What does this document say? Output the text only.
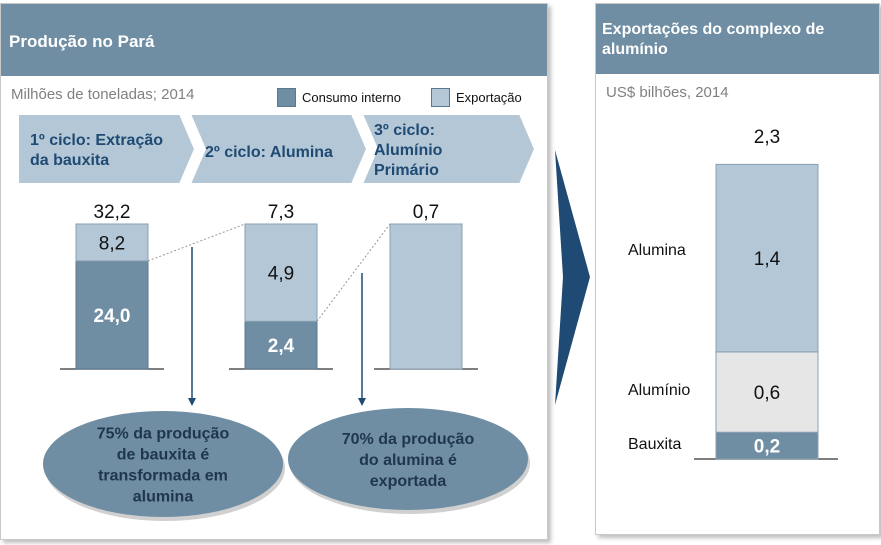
Produção no Pará
Milhões de toneladas; 2014	Consumo interno	Exportação
Exportações do complexo de
alumínio
US$ bilhões, 2014
1º ciclo: Extração
da bauxita	2º ciclo: Alumina
3º ciclo:
Alumínio
Primário
24,0
8,2
32,2
2,4
4,9
7,3	0,7
75% da produção
de bauxita é
transformada em
alumina
70% da produção
do alumina é
exportada
0,2
0,6
1,4
Bauxita
Alumínio
Alumina
2,3
